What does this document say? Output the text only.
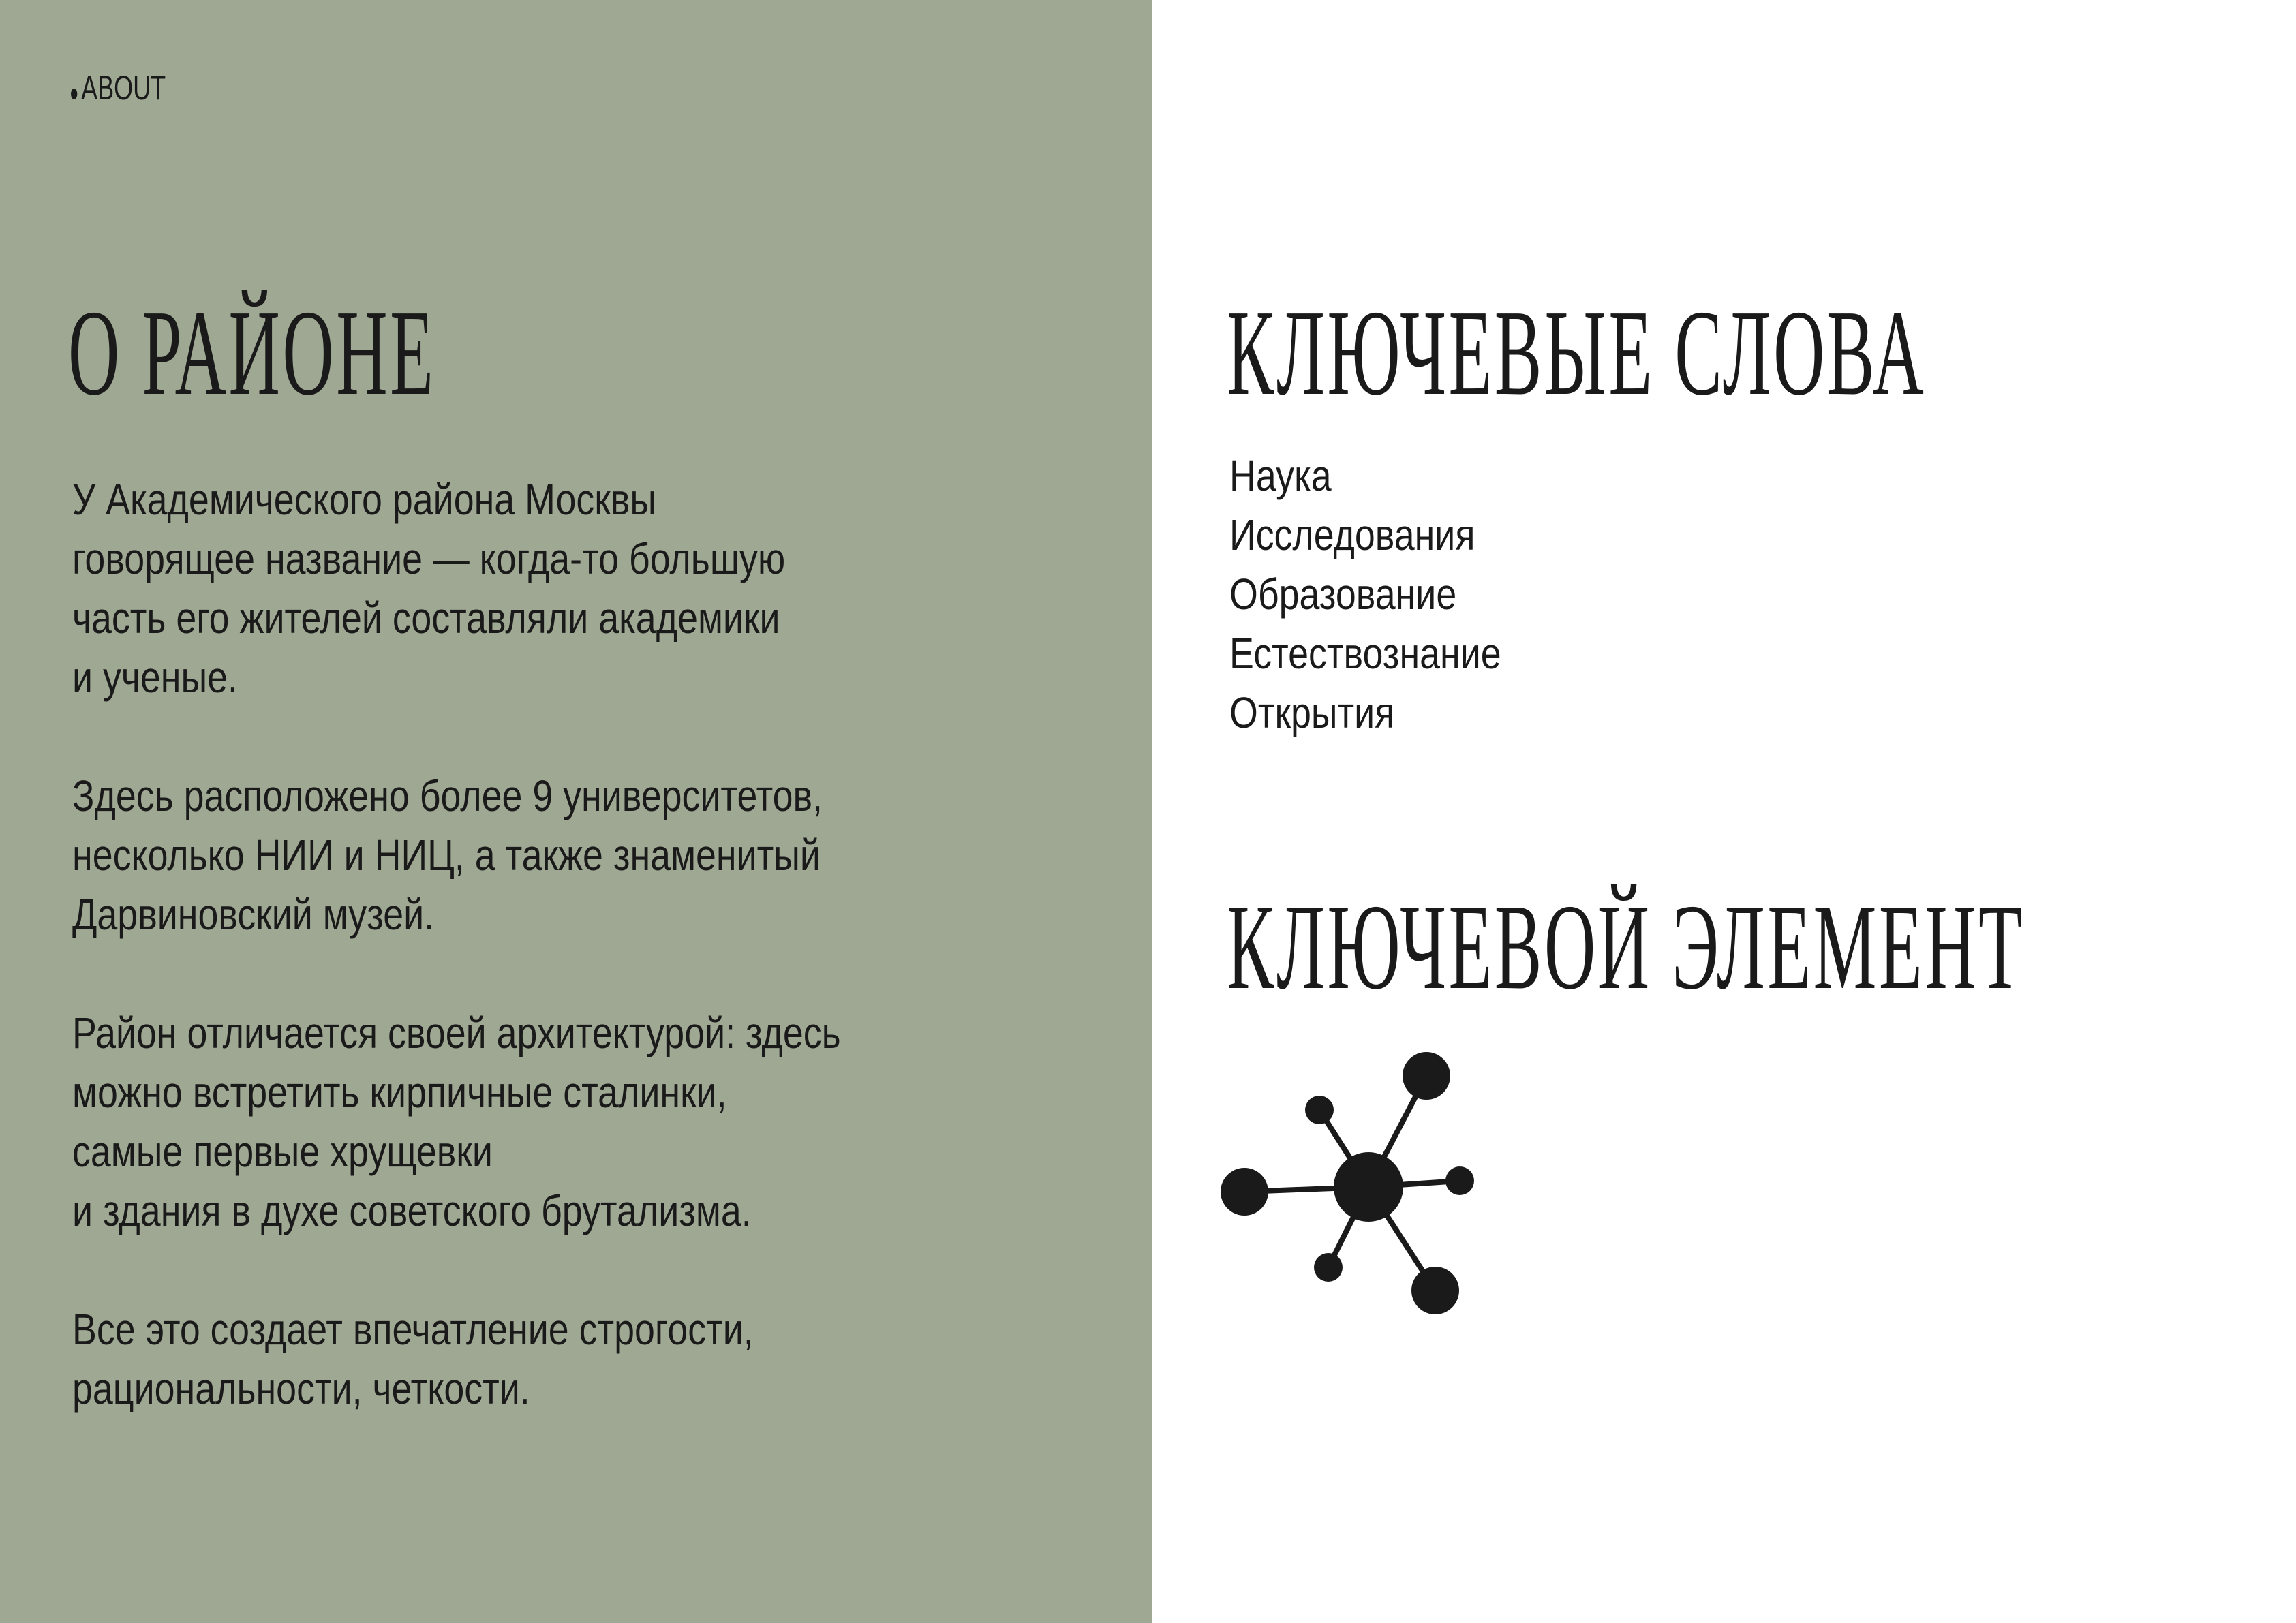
ABOUT
О РАЙОНЕ
У Академического района Москвы
говорящее название — когда-то большую
часть его жителей составляли академики
и ученые.
Здесь расположено более 9 университетов,
несколько НИИ и НИЦ, а также знаменитый
Дарвиновский музей.
Район отличается своей архитектурой: здесь
можно встретить кирпичные сталинки,
самые первые хрущевки
и здания в духе советского брутализма.
Все это создает впечатление строгости,
рациональности, четкости.
КЛЮЧЕВЫЕ СЛОВА
Наука
Исследования
Образование
Естествознание
Открытия
КЛЮЧЕВОЙ ЭЛЕМЕНТ
